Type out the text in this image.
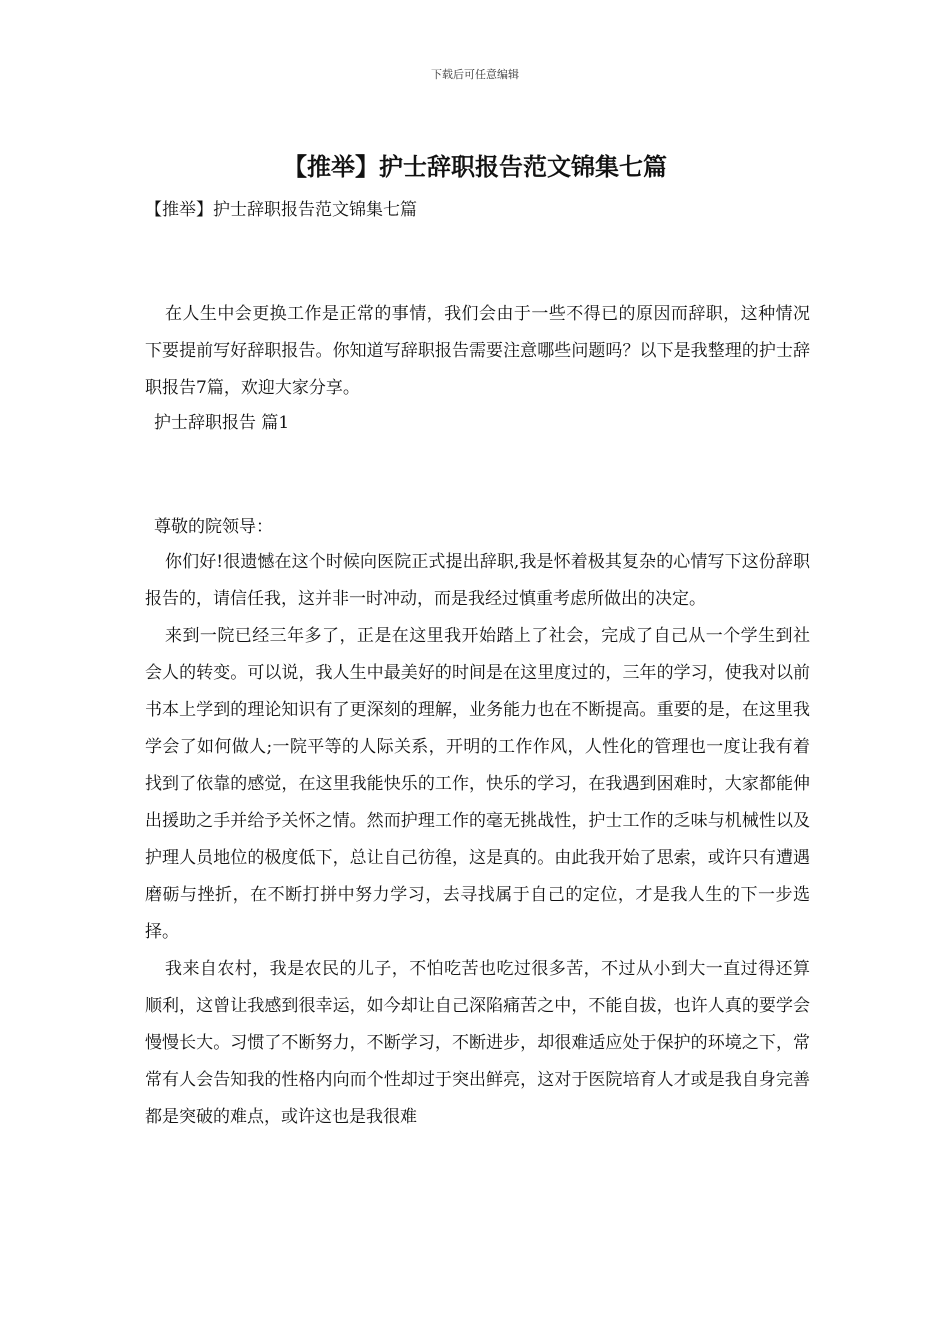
下载后可任意编辑
【推举】护士辞职报告范文锦集七篇
【推举】护士辞职报告范文锦集七篇

在人生中会更换工作是正常的事情，我们会由于一些不得已的原因而辞职，这种情况下要提前写好辞职报告。你知道写辞职报告需要注意哪些问题吗？以下是我整理的护士辞职报告7篇，欢迎大家分享。

护士辞职报告 篇1
尊敬的院领导：

你们好!很遗憾在这个时候向医院正式提出辞职,我是怀着极其复杂的心情写下这份辞职报告的，请信任我，这并非一时冲动，而是我经过慎重考虑所做出的决定。

来到一院已经三年多了，正是在这里我开始踏上了社会，完成了自己从一个学生到社会人的转变。可以说，我人生中最美好的时间是在这里度过的，三年的学习，使我对以前书本上学到的理论知识有了更深刻的理解，业务能力也在不断提高。重要的是，在这里我学会了如何做人;一院平等的人际关系，开明的工作作风，人性化的管理也一度让我有着找到了依靠的感觉，在这里我能快乐的工作，快乐的学习，在我遇到困难时，大家都能伸出援助之手并给予关怀之情。然而护理工作的毫无挑战性，护士工作的乏味与机械性以及护理人员地位的极度低下，总让自己彷徨，这是真的。由此我开始了思索，或许只有遭遇磨砺与挫折，在不断打拼中努力学习，去寻找属于自己的定位，才是我人生的下一步选择。

我来自农村，我是农民的儿子，不怕吃苦也吃过很多苦，不过从小到大一直过得还算顺利，这曾让我感到很幸运，如今却让自己深陷痛苦之中，不能自拔，也许人真的要学会慢慢长大。习惯了不断努力，不断学习，不断进步，却很难适应处于保护的环境之下，常常有人会告知我的性格内向而个性却过于突出鲜亮，这对于医院培育人才或是我自身完善都是突破的难点，或许这也是我很难
